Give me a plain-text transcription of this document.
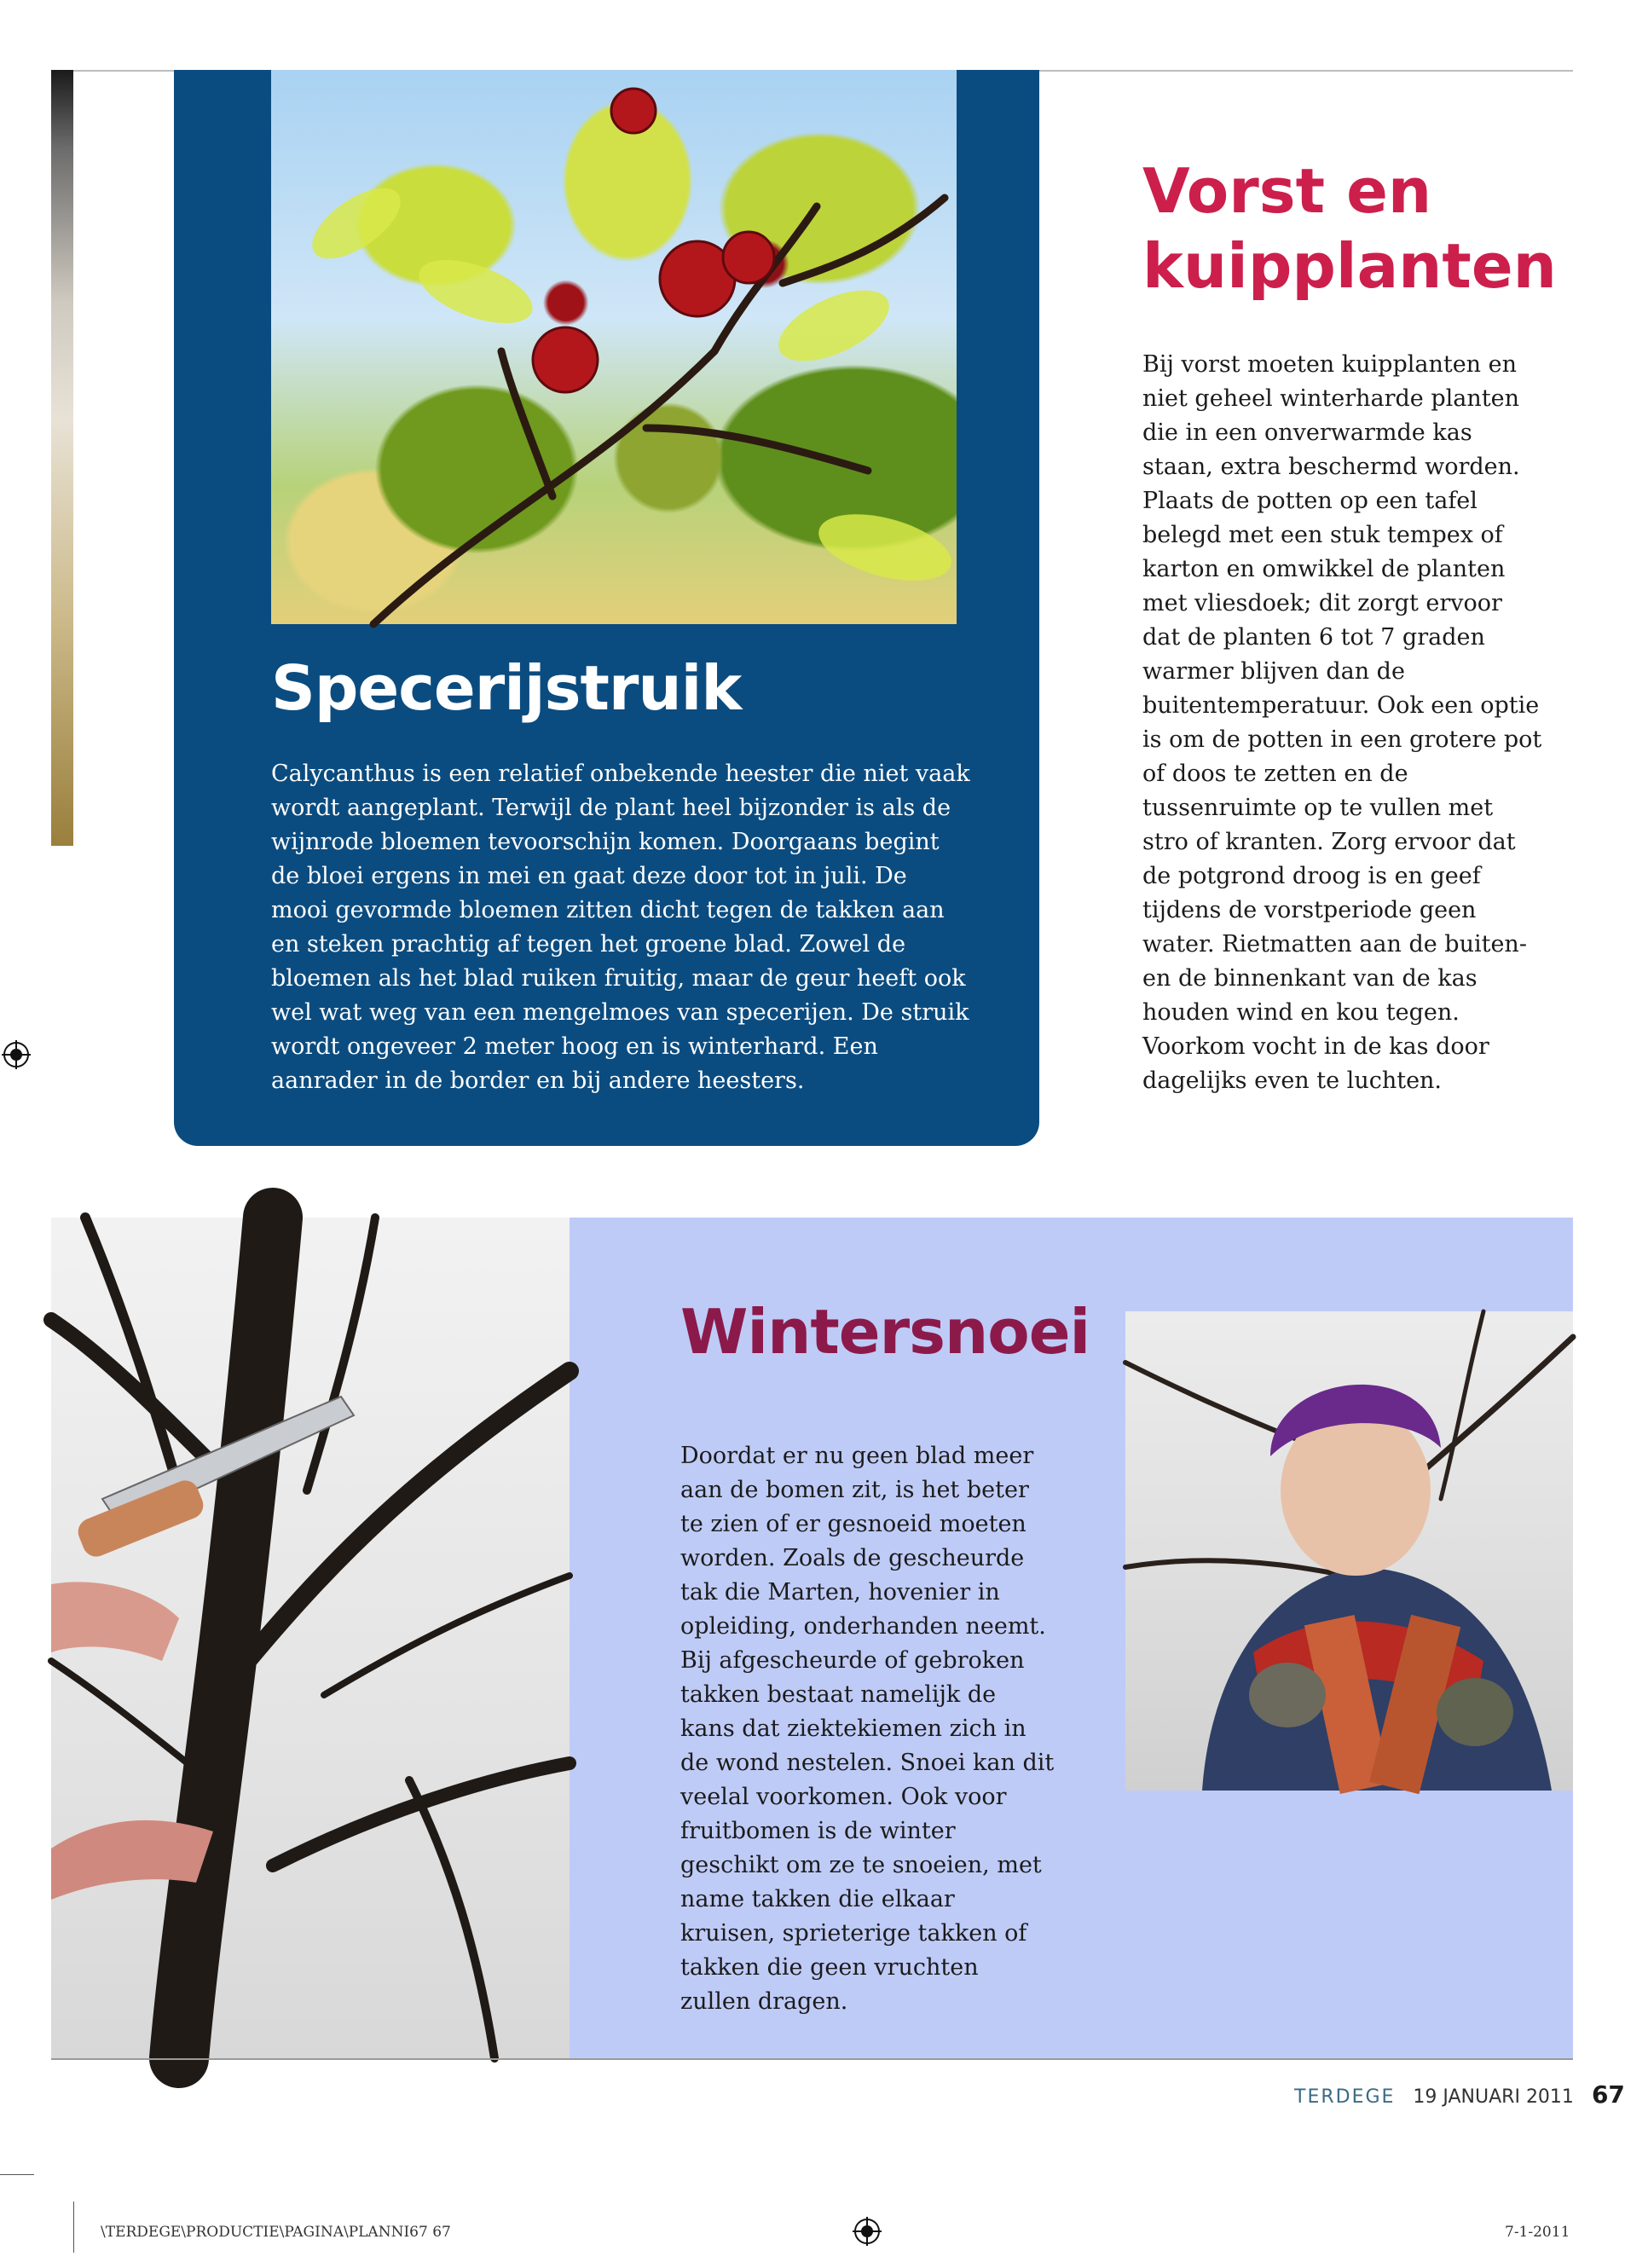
Specerijstruik

Calycanthus is een relatief onbekende heester die niet vaak wordt aangeplant. Terwijl de plant heel bijzonder is als de wijnrode bloemen tevoorschijn komen. Doorgaans begint de bloei ergens in mei en gaat deze door tot in juli. De mooi gevormde bloemen zitten dicht tegen de takken aan en steken prachtig af tegen het groene blad. Zowel de bloemen als het blad ruiken fruitig, maar de geur heeft ook wel wat weg van een mengelmoes van specerijen. De struik wordt ongeveer 2 meter hoog en is winterhard. Een aanrader in de border en bij andere heesters.

Vorst en kuipplanten

Bij vorst moeten kuipplanten en niet geheel winterharde planten die in een onverwarmde kas staan, extra beschermd worden. Plaats de potten op een tafel belegd met een stuk tempex of karton en omwikkel de planten met vliesdoek; dit zorgt ervoor dat de planten 6 tot 7 graden warmer blijven dan de buitentemperatuur. Ook een optie is om de potten in een grotere pot of doos te zetten en de tussenruimte op te vullen met stro of kranten. Zorg ervoor dat de potgrond droog is en geef tijdens de vorstperiode geen water. Rietmatten aan de buiten- en de binnenkant van de kas houden wind en kou tegen. Voorkom vocht in de kas door dagelijks even te luchten.

Wintersnoei

Doordat er nu geen blad meer aan de bomen zit, is het beter te zien of er gesnoeid moeten worden. Zoals de gescheurde tak die Marten, hovenier in opleiding, onderhanden neemt. Bij afgescheurde of gebroken takken bestaat namelijk de kans dat ziektekiemen zich in de wond nestelen. Snoei kan dit veelal voorkomen. Ook voor fruitbomen is de winter geschikt om ze te snoeien, met name takken die elkaar kruisen, sprieterige takken of takken die geen vruchten zullen dragen.

TERDEGE 19 JANUARI 2011 67
\TERDEGE\PRODUCTIE\PAGINA\PLANNI67 67	7-1-2011
